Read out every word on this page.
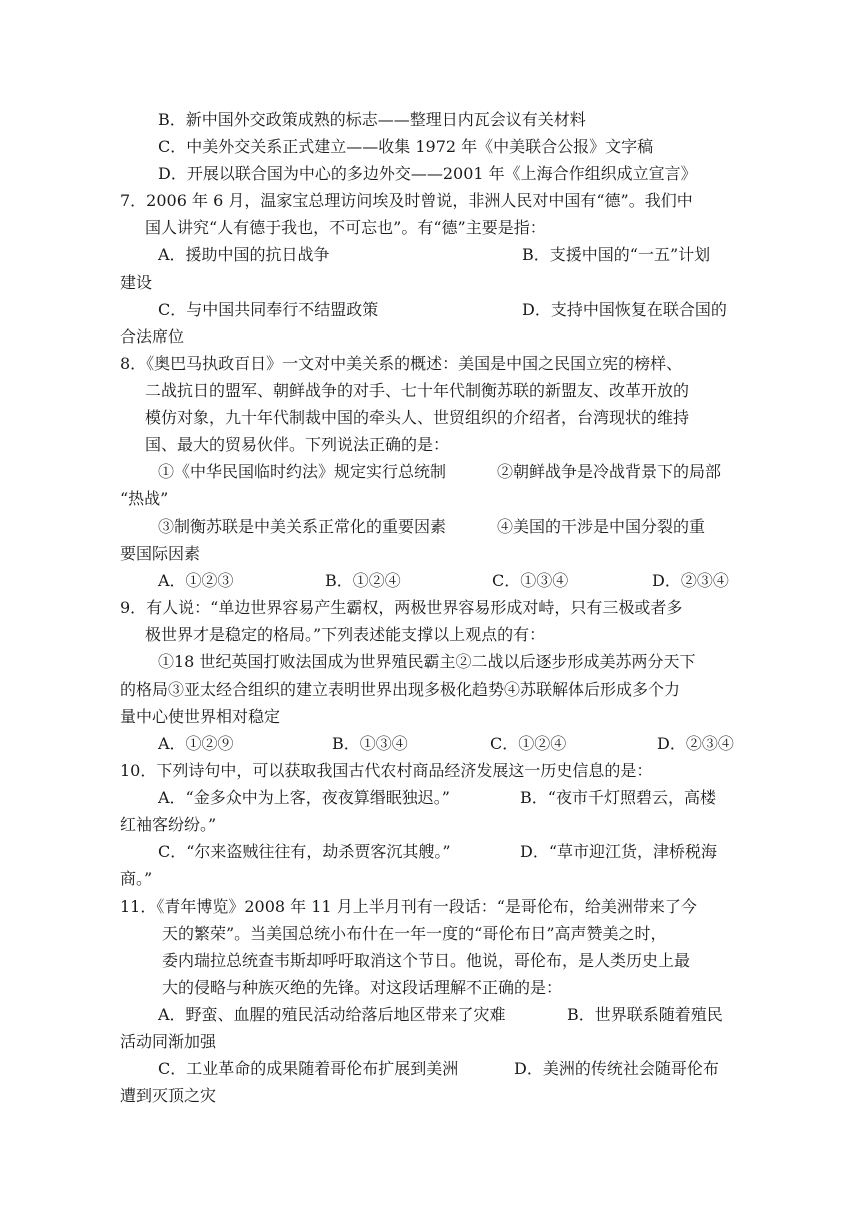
B．新中国外交政策成熟的标志——整理日内瓦会议有关材料
C．中美外交关系正式建立——收集 1972 年《中美联合公报》文字稿
D．开展以联合国为中心的多边外交——2001 年《上海合作组织成立宣言》
7．2006 年 6 月，温家宝总理访问埃及时曾说，非洲人民对中国有“德”。我们中
国人讲究“人有德于我也，不可忘也”。有“德”主要是指：
A．援助中国的抗日战争	B．支援中国的“一五”计划
建设
C．与中国共同奉行不结盟政策	D．支持中国恢复在联合国的
合法席位
8．《奥巴马执政百日》一文对中美关系的概述：美国是中国之民国立宪的榜样、
二战抗日的盟军、朝鲜战争的对手、七十年代制衡苏联的新盟友、改革开放的
模仿对象，九十年代制裁中国的牵头人、世贸组织的介绍者，台湾现状的维持
国、最大的贸易伙伴。下列说法正确的是：
①《中华民国临时约法》规定实行总统制	②朝鲜战争是冷战背景下的局部
“热战”
③制衡苏联是中美关系正常化的重要因素	④美国的干涉是中国分裂的重
要国际因素
A．①②③	B．①②④	C．①③④	D．②③④
9．有人说：“单边世界容易产生霸权，两极世界容易形成对峙，只有三极或者多
极世界才是稳定的格局。”下列表述能支撑以上观点的有：
①18 世纪英国打败法国成为世界殖民霸主②二战以后逐步形成美苏两分天下
的格局③亚太经合组织的建立表明世界出现多极化趋势④苏联解体后形成多个力
量中心使世界相对稳定
A．①②⑨	B．①③④	C．①②④	D．②③④
10．下列诗句中，可以获取我国古代农村商品经济发展这一历史信息的是：
A．“金多众中为上客，夜夜算缗眠独迟。”	B．“夜市千灯照碧云，高楼
红袖客纷纷。”
C．“尔来盗贼往往有，劫杀贾客沉其艘。”	D．“草市迎江货，津桥税海
商。”
11．《青年博览》2008 年 11 月上半月刊有一段话：“是哥伦布，给美洲带来了今
天的繁荣”。当美国总统小布什在一年一度的“哥伦布日”高声赞美之时，
委内瑞拉总统查韦斯却呼吁取消这个节日。他说，哥伦布，是人类历史上最
大的侵略与种族灭绝的先锋。对这段话理解不正确的是：
A．野蛮、血腥的殖民活动给落后地区带来了灾难	B．世界联系随着殖民
活动同渐加强
C．工业革命的成果随着哥伦布扩展到美洲	D．美洲的传统社会随哥伦布
遭到灭顶之灾
